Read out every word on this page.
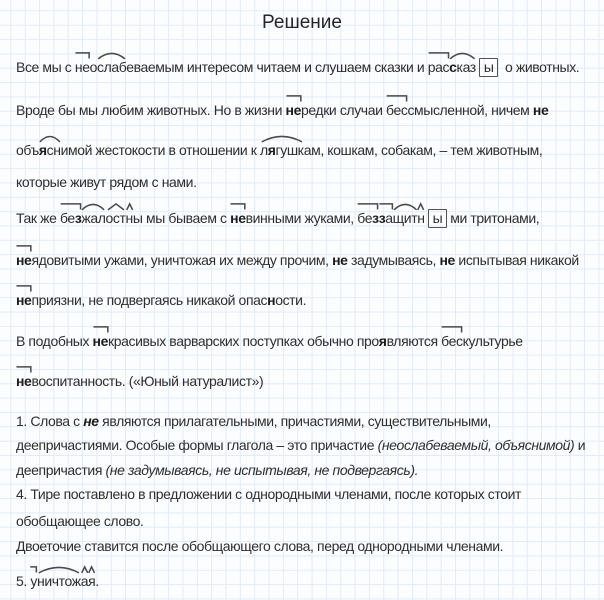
Решение
Все мы с
нео
слабеваемым интересом читаем и слушаем сказки и
рас
сказ ы о животных.
Вроде бы мы любим животных. Но в жизни
нередки случаи
бессмысленной, ничем не
объ
яснимой жестокости в отношении к
лягушкам, кошкам, собакам, – тем животным,
которые живут рядом с нами.
Так же
без
жал
ост
ны мы бываем с
невинными жуками,
без
за
щит
н ы ми тритонами,
неядовитыми ужами, уничтожая их между прочим, не задумываясь, не испытывая никакой
неприязни, не подвергаясь никакой опасности.
В подобных
некрасивых варварских поступках обычно проявляются
бескультурье
невоспитанность. («Юный натуралист»)
1. Слова с не являются прилагательными, причастиями, существительными,
деепричастиями. Особые формы глагола – это причастие (неослабеваемый, объяснимой) и
деепричастия (не задумываясь, не испытывая, не подвергаясь).
4. Тире поставлено в предложении с однородными членами, после которых стоит
обобщающее слово.
Двоеточие ставится после обобщающего слова, перед однородными членами.
5.
у
ничтож
а
я.
